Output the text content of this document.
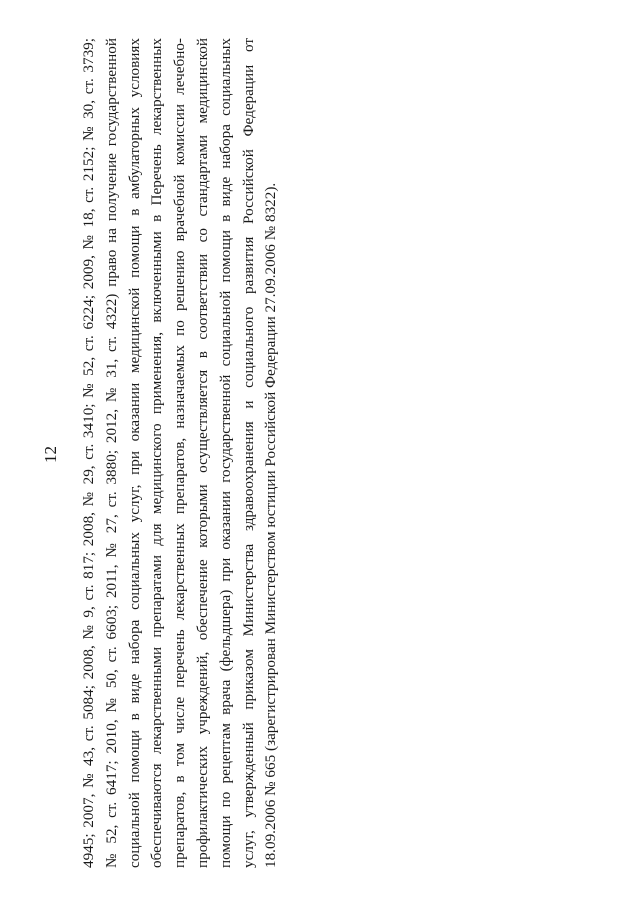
12 4945; 2007, № 43, ст. 5084; 2008, № 9, ст. 817; 2008, № 29, ст. 3410; № 52, ст. 6224; 2009, № 18, ст. 2152; № 30, ст. 3739; № 52, ст. 6417; 2010, № 50, ст. 6603; 2011, № 27, ст. 3880; 2012, № 31, ст. 4322) право на получение государственной социальной помощи в виде набора социальных услуг, при оказании медицинской помощи в амбулаторных условиях обеспечиваются лекарственными препаратами для медицинского применения, включенными в Перечень лекарственных препаратов, в том числе перечень лекарственных препаратов, назначаемых по решению врачебной комиссии лечебно- профилактических учреждений, обеспечение которыми осуществляется в соответствии со стандартами медицинской помощи по рецептам врача (фельдшера) при оказании государственной социальной помощи в виде набора социальных услуг, утвержденный приказом Министерства здравоохранения и социального развития Российской Федерации от 18.09.2006 № 665 (зарегистрирован Министерством юстиции Российской Федерации 27.09.2006 № 8322).
